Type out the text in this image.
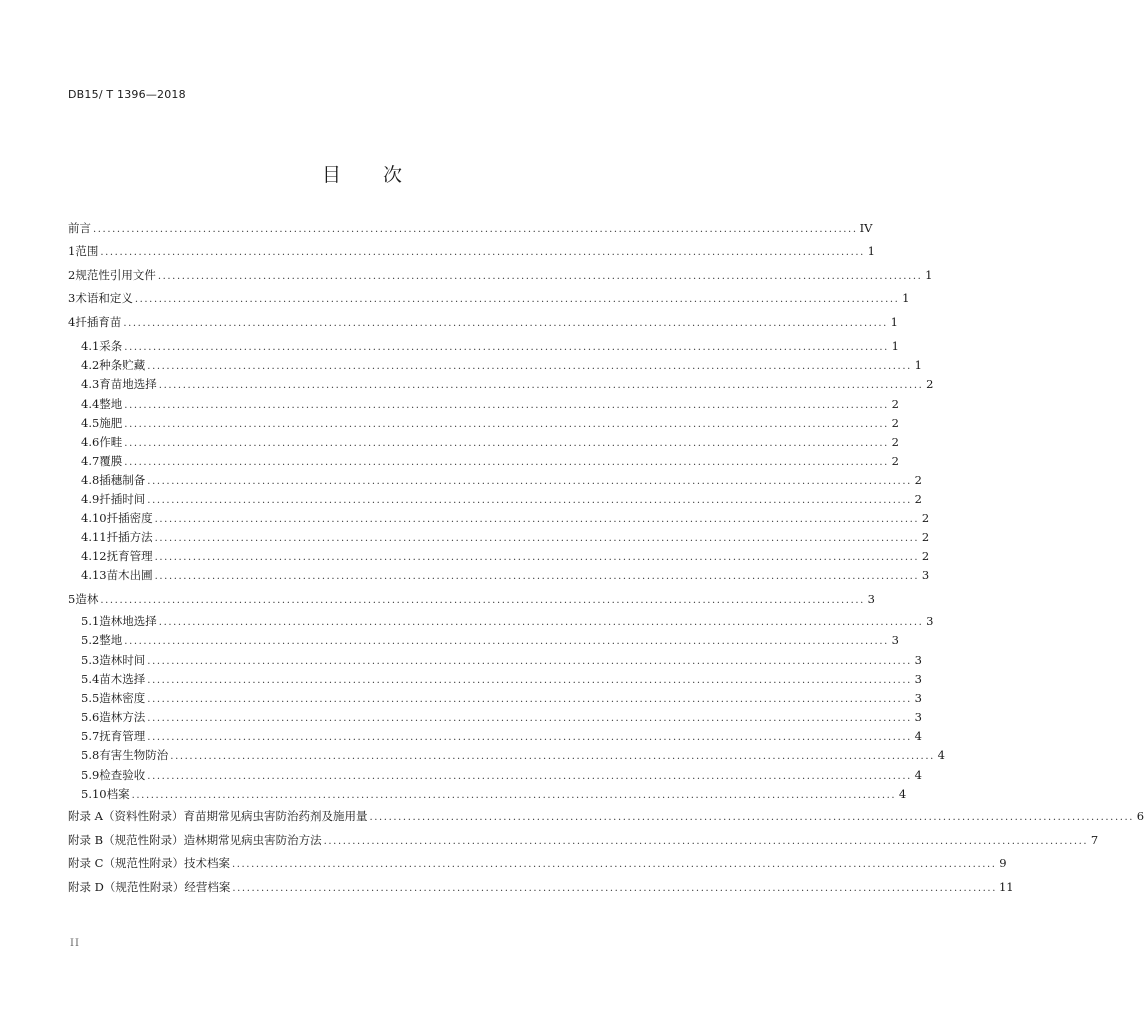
DB15/ T 1396—2018
目 次
前言 ................................................................................................................................................................ IV
1 范围 ................................................................................................................................................................ 1
2 规范性引用文件 ................................................................................................................................................................ 1
3 术语和定义 ................................................................................................................................................................ 1
4 扦插育苗 ................................................................................................................................................................ 1
4.1 采条 ................................................................................................................................................................ 1
4.2 种条贮藏 ................................................................................................................................................................ 1
4.3 育苗地选择 ................................................................................................................................................................ 2
4.4 整地 ................................................................................................................................................................ 2
4.5 施肥 ................................................................................................................................................................ 2
4.6 作畦 ................................................................................................................................................................ 2
4.7 覆膜 ................................................................................................................................................................ 2
4.8 插穗制备 ................................................................................................................................................................ 2
4.9 扦插时间 ................................................................................................................................................................ 2
4.10 扦插密度 ................................................................................................................................................................ 2
4.11 扦插方法 ................................................................................................................................................................ 2
4.12 抚育管理 ................................................................................................................................................................ 2
4.13 苗木出圃 ................................................................................................................................................................ 3
5 造林 ................................................................................................................................................................ 3
5.1 造林地选择 ................................................................................................................................................................ 3
5.2 整地 ................................................................................................................................................................ 3
5.3 造林时间 ................................................................................................................................................................ 3
5.4 苗木选择 ................................................................................................................................................................ 3
5.5 造林密度 ................................................................................................................................................................ 3
5.6 造林方法 ................................................................................................................................................................ 3
5.7 抚育管理 ................................................................................................................................................................ 4
5.8 有害生物防治 ................................................................................................................................................................ 4
5.9 检查验收 ................................................................................................................................................................ 4
5.10 档案 ................................................................................................................................................................ 4
附录 A（资料性附录） 育苗期常见病虫害防治药剂及施用量 ................................................................................................................................................................ 6
附录 B（规范性附录） 造林期常见病虫害防治方法 ................................................................................................................................................................ 7
附录 C（规范性附录） 技术档案 ................................................................................................................................................................ 9
附录 D（规范性附录） 经营档案 ................................................................................................................................................................ 11
II
